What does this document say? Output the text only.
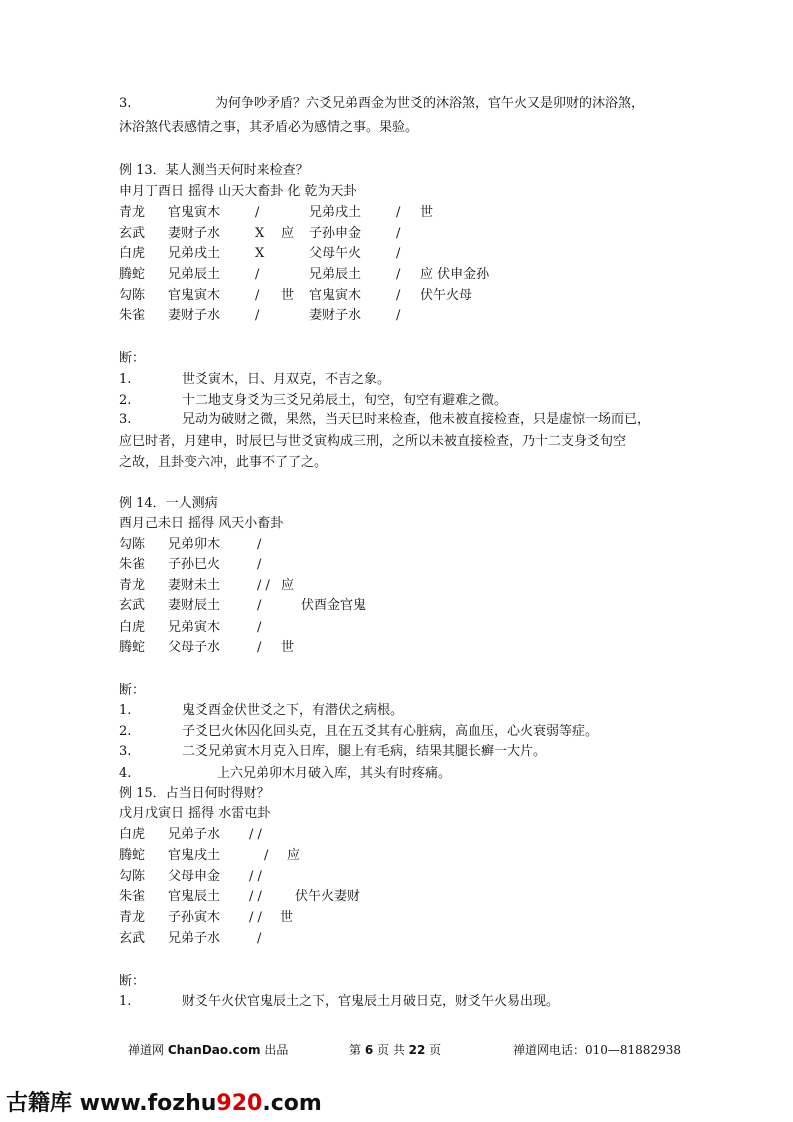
3.	为何争吵矛盾？六爻兄弟酉金为世爻的沐浴煞，官午火又是卯财的沐浴煞，
沐浴煞代表感情之事，其矛盾必为感情之事。果验。
例 13．某人测当天何时来检查？
申月丁酉日 摇得 山天大畜卦 化 乾为天卦
青龙 官鬼寅木	/	兄弟戌土	/ 世
玄武 妻财子水	X 应 子孙申金	/
白虎 兄弟戌土	X	父母午火	/
腾蛇 兄弟辰土	/	兄弟辰土	/ 应 伏申金孙
勾陈 官鬼寅木	/ 世 官鬼寅木	/ 伏午火母
朱雀 妻财子水	/	妻财子水	/
断：
1.	世爻寅木，日、月双克，不吉之象。
2.	十二地支身爻为三爻兄弟辰土，旬空，旬空有避难之微。
3.	兄动为破财之微，果然，当天巳时来检查，他未被直接检查，只是虚惊一场而已，
应巳时者，月建申，时辰巳与世爻寅构成三刑，之所以未被直接检查，乃十二支身爻旬空
之故，且卦变六冲，此事不了了之。
例 14．一人测病
酉月己未日 摇得 风天小畜卦
勾陈 兄弟卯木	/
朱雀 子孙巳火	/
青龙 妻财未土	/ / 应
玄武 妻财辰土	/	伏酉金官鬼
白虎 兄弟寅木	/
腾蛇 父母子水	/ 世
断：
1.	鬼爻酉金伏世爻之下，有潜伏之病根。
2.	子爻巳火休囚化回头克，且在五爻其有心脏病，高血压，心火衰弱等症。
3.	二爻兄弟寅木月克入日库，腿上有毛病，结果其腿长癣一大片。
4.	上六兄弟卯木月破入库，其头有时疼痛。
例 15．占当日何时得财？
戊月戊寅日 摇得 水雷屯卦
白虎 兄弟子水 / /
腾蛇 官鬼戌土	/ 应
勾陈 父母申金 / /
朱雀 官鬼辰土 / /	伏午火妻财
青龙 子孙寅木 / / 世
玄武 兄弟子水	/
断：
1.	财爻午火伏官鬼辰土之下，官鬼辰土月破日克，财爻午火易出现。
禅道网 ChanDao.com 出品	第 6 页 共 22 页	禅道网电话：010—81882938
古籍库 www.fozhu920.com
